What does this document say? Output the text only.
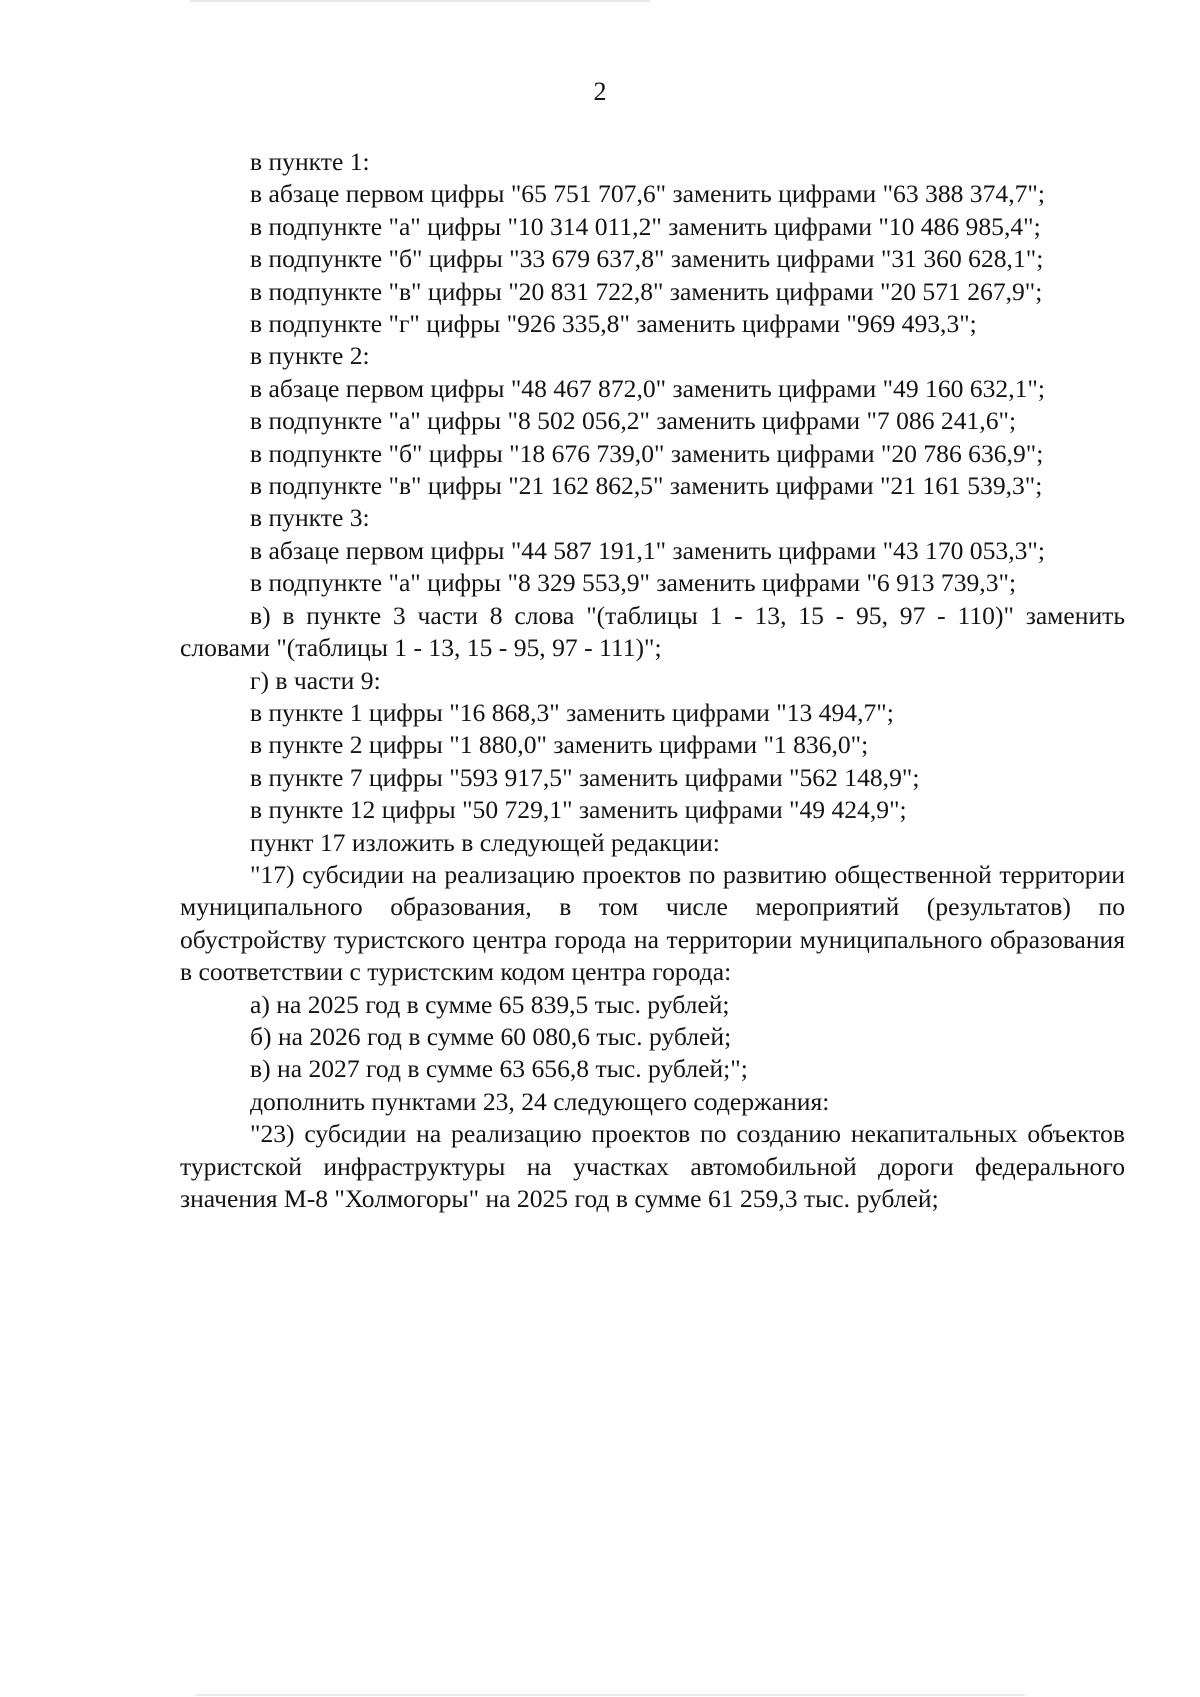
2

в пункте 1:

в абзаце первом цифры "65 751 707,6" заменить цифрами "63 388 374,7";

в подпункте "а" цифры "10 314 011,2" заменить цифрами "10 486 985,4";

в подпункте "б" цифры "33 679 637,8" заменить цифрами "31 360 628,1";

в подпункте "в" цифры "20 831 722,8" заменить цифрами "20 571 267,9";

в подпункте "г" цифры "926 335,8" заменить цифрами "969 493,3";

в пункте 2:

в абзаце первом цифры "48 467 872,0" заменить цифрами "49 160 632,1";

в подпункте "а" цифры "8 502 056,2" заменить цифрами "7 086 241,6";

в подпункте "б" цифры "18 676 739,0" заменить цифрами "20 786 636,9";

в подпункте "в" цифры "21 162 862,5" заменить цифрами "21 161 539,3";

в пункте 3:

в абзаце первом цифры "44 587 191,1" заменить цифрами "43 170 053,3";

в подпункте "а" цифры "8 329 553,9" заменить цифрами "6 913 739,3";

в) в пункте 3 части 8 слова "(таблицы 1 - 13, 15 - 95, 97 - 110)" заменить словами "(таблицы 1 - 13, 15 - 95, 97 - 111)";

г) в части 9:

в пункте 1 цифры "16 868,3" заменить цифрами "13 494,7";

в пункте 2 цифры "1 880,0" заменить цифрами "1 836,0";

в пункте 7 цифры "593 917,5" заменить цифрами "562 148,9";

в пункте 12 цифры "50 729,1" заменить цифрами "49 424,9";

пункт 17 изложить в следующей редакции:

"17) субсидии на реализацию проектов по развитию общественной территории муниципального образования, в том числе мероприятий (результатов) по обустройству туристского центра города на территории муниципального образования в соответствии с туристским кодом центра города:

а) на 2025 год в сумме 65 839,5 тыс. рублей;

б) на 2026 год в сумме 60 080,6 тыс. рублей;

в) на 2027 год в сумме 63 656,8 тыс. рублей;";

дополнить пунктами 23, 24 следующего содержания:

"23) субсидии на реализацию проектов по созданию некапитальных объектов туристской инфраструктуры на участках автомобильной дороги федерального значения М-8 "Холмогоры" на 2025 год в сумме 61 259,3 тыс. рублей;
